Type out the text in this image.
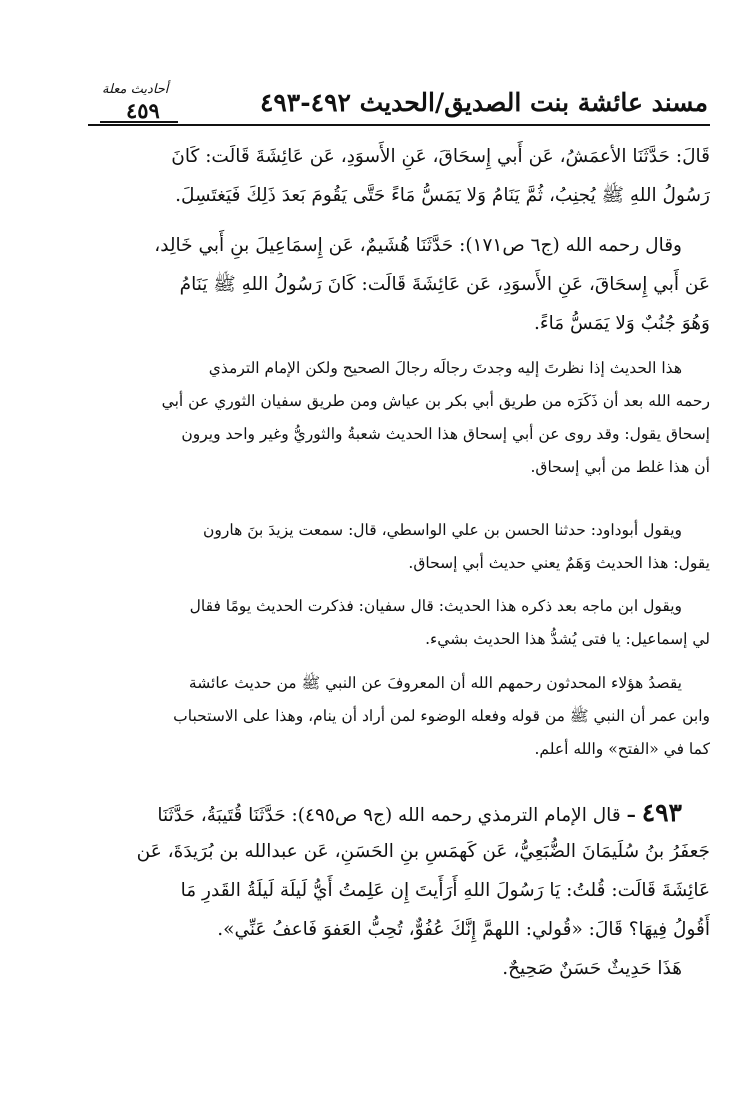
مسند عائشة بنت الصديق/الحديث ٤٩٢-٤٩٣
أحاديث معلة
٤٥٩
قَالَ: حَدَّثَنَا الأعمَشُ، عَن أَبي إِسحَاقَ، عَنِ الأَسوَدِ، عَن عَائِشَةَ قَالَت: كَانَ
رَسُولُ اللهِ ﷺ يُجنِبُ، ثُمَّ يَنَامُ وَلا يَمَسُّ مَاءً حَتَّى يَقُومَ بَعدَ ذَلِكَ فَيَغتَسِلَ.
وقال رحمه الله (ج٦ ص١٧١): حَدَّثَنَا هُشَيمٌ، عَن إِسمَاعِيلَ بنِ أَبي خَالِد،
عَن أَبي إِسحَاقَ، عَنِ الأَسوَدِ، عَن عَائِشَةَ قَالَت: كَانَ رَسُولُ اللهِ ﷺ يَنَامُ
وَهُوَ جُنُبٌ وَلا يَمَسُّ مَاءً.
هذا الحديث إذا نظرتَ إليه وجدتَ رجالَه رجالَ الصحيح ولكن الإمام الترمذي
رحمه الله بعد أن ذَكَرَه من طريق أبي بكر بن عياش ومن طريق سفيان الثوري عن أبي
إسحاق يقول: وقد روى عن أبي إسحاق هذا الحديث شعبةُ والثوريُّ وغير واحد ويرون
أن هذا غلط من أبي إسحاق.
ويقول أبوداود: حدثنا الحسن بن علي الواسطي، قال: سمعت يزيدَ بنَ هارون
يقول: هذا الحديث وَهَمٌ يعني حديث أبي إسحاق.
ويقول ابن ماجه بعد ذكره هذا الحديث: قال سفيان: فذكرت الحديث يومًا فقال
لي إسماعيل: يا فتى يُشدُّ هذا الحديث بشيء.
يقصدُ هؤلاء المحدثون رحمهم الله أن المعروفَ عن النبي ﷺ من حديث عائشة
وابن عمر أن النبي ﷺ من قوله وفعله الوضوء لمن أراد أن ينام، وهذا على الاستحباب
كما في «الفتح» والله أعلم.
٤٩٣ – قال الإمام الترمذي رحمه الله (ج٩ ص٤٩٥): حَدَّثَنَا قُتَيبَةُ، حَدَّثَنَا
جَعفَرُ بنُ سُلَيمَانَ الضُّبَعِيُّ، عَن كَهمَسِ بنِ الحَسَنِ، عَن عبدالله بن بُرَيدَةَ، عَن
عَائِشَةَ قَالَت: قُلتُ: يَا رَسُولَ اللهِ أَرَأَيتَ إِن عَلِمتُ أَيُّ لَيلَة لَيلَةُ القَدرِ مَا
أَقُولُ فِيهَا؟ قَالَ: «قُولي: اللهمَّ إِنَّكَ عُفُوٌّ، تُحِبُّ العَفوَ فَاعفُ عَنِّي».
هَذَا حَدِيثٌ حَسَنٌ صَحِيحٌ.
